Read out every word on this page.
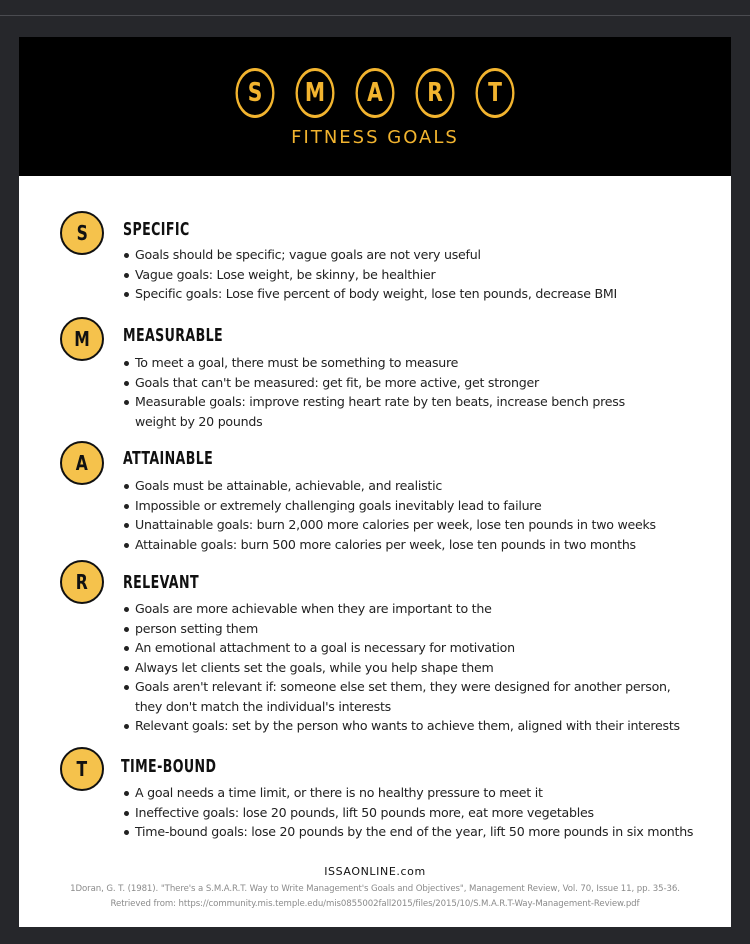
S M A R T
FITNESS GOALS
S SPECIFIC
Goals should be specific; vague goals are not very useful
Vague goals: Lose weight, be skinny, be healthier
Specific goals: Lose five percent of body weight, lose ten pounds, decrease BMI
M MEASURABLE
To meet a goal, there must be something to measure
Goals that can't be measured: get fit, be more active, get stronger
Measurable goals: improve resting heart rate by ten beats, increase bench press
weight by 20 pounds
A ATTAINABLE
Goals must be attainable, achievable, and realistic
Impossible or extremely challenging goals inevitably lead to failure
Unattainable goals: burn 2,000 more calories per week, lose ten pounds in two weeks
Attainable goals: burn 500 more calories per week, lose ten pounds in two months
R RELEVANT
Goals are more achievable when they are important to the
person setting them
An emotional attachment to a goal is necessary for motivation
Always let clients set the goals, while you help shape them
Goals aren't relevant if: someone else set them, they were designed for another person,
they don't match the individual's interests
Relevant goals: set by the person who wants to achieve them, aligned with their interests
T TIME-BOUND
A goal needs a time limit, or there is no healthy pressure to meet it
Ineffective goals: lose 20 pounds, lift 50 pounds more, eat more vegetables
Time-bound goals: lose 20 pounds by the end of the year, lift 50 more pounds in six months
ISSAONLINE.com
1Doran, G. T. (1981). "There's a S.M.A.R.T. Way to Write Management's Goals and Objectives", Management Review, Vol. 70, Issue 11, pp. 35-36.
Retrieved from: https://community.mis.temple.edu/mis0855002fall2015/files/2015/10/S.M.A.R.T-Way-Management-Review.pdf
